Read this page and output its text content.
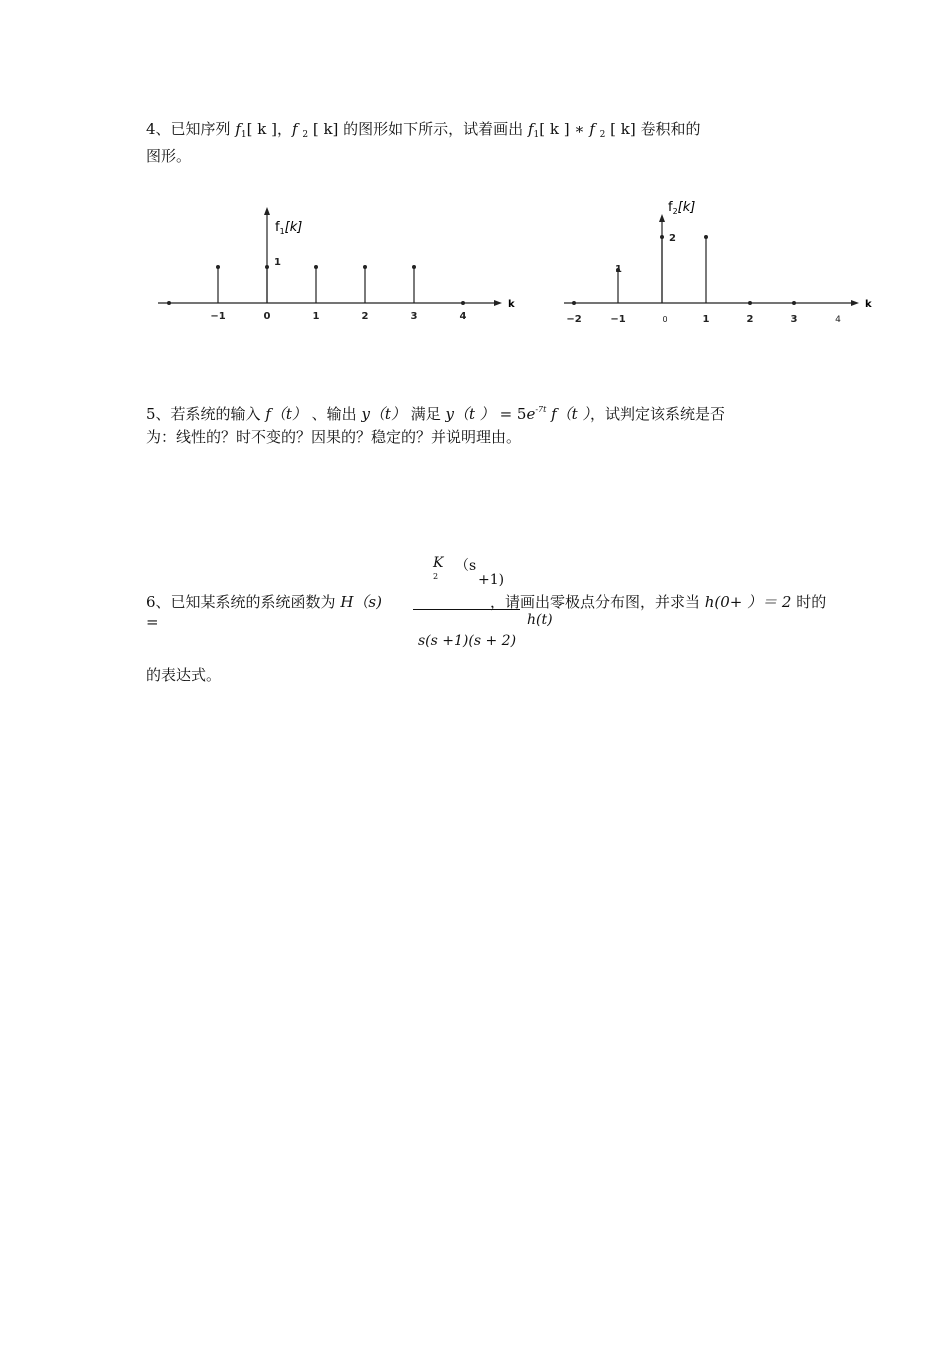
4、已知序列 $f_1$[ k ]，f $_2$ [ k] 的图形如下所示，试着画出 $f_1$[ k ] ∗ f $_2$ [ k] 卷积和的
图形。
k
$f_1[k]$
−1	0	1	2	3	4
1
k
$f_2[k]$
−2	−1	0	1	2	3	4
1
2
5、若系统的输入 f（t） 、输出 y（t） 满足 y（t ） = $5e^{-7t}$ f（t ），试判定该系统是否
为：线性的？时不变的？因果的？稳定的？并说明理由。
K
2
（s
+1)
6、已知某系统的系统函数为 H（s)	，请画出零极点分布图，并求当 h(0+ ）＝ 2 时的
=	h(t)
s(s +1)(s + 2)
的表达式。
